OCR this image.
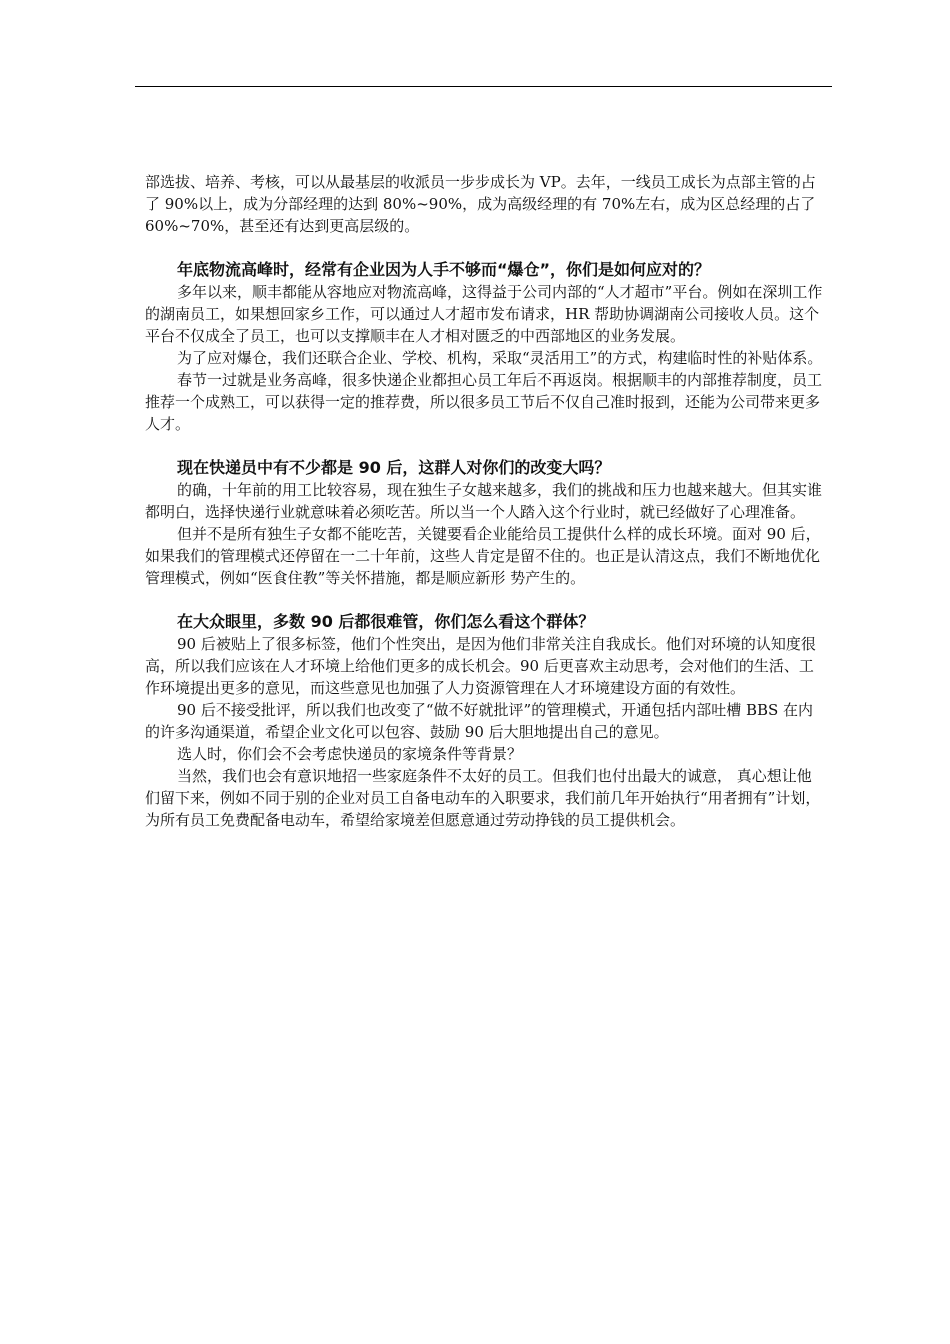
部选拔、培养、考核，可以从最基层的收派员一步步成长为 VP。去年，一线员工成长为点部主管的占了 90%以上，成为分部经理的达到 80%~90%，成为高级经理的有 70%左右，成为区总经理的占了 60%~70%，甚至还有达到更高层级的。

年底物流高峰时，经常有企业因为人手不够而“爆仓”，你们是如何应对的？

多年以来，顺丰都能从容地应对物流高峰，这得益于公司内部的“人才超市”平台。例如在深圳工作的湖南员工，如果想回家乡工作，可以通过人才超市发布请求，HR 帮助协调湖南公司接收人员。这个平台不仅成全了员工，也可以支撑顺丰在人才相对匮乏的中西部地区的业务发展。

为了应对爆仓，我们还联合企业、学校、机构，采取“灵活用工”的方式，构建临时性的补贴体系。

春节一过就是业务高峰，很多快递企业都担心员工年后不再返岗。根据顺丰的内部推荐制度，员工推荐一个成熟工，可以获得一定的推荐费，所以很多员工节后不仅自己准时报到，还能为公司带来更多人才。

现在快递员中有不少都是 90 后，这群人对你们的改变大吗？

的确，十年前的用工比较容易，现在独生子女越来越多，我们的挑战和压力也越来越大。但其实谁都明白，选择快递行业就意味着必须吃苦。所以当一个人踏入这个行业时，就已经做好了心理准备。

但并不是所有独生子女都不能吃苦，关键要看企业能给员工提供什么样的成长环境。面对 90 后，如果我们的管理模式还停留在一二十年前，这些人肯定是留不住的。也正是认清这点，我们不断地优化管理模式，例如“医食住教”等关怀措施，都是顺应新形 势产生的。

在大众眼里，多数 90 后都很难管，你们怎么看这个群体？

90 后被贴上了很多标签，他们个性突出，是因为他们非常关注自我成长。他们对环境的认知度很高，所以我们应该在人才环境上给他们更多的成长机会。90 后更喜欢主动思考，会对他们的生活、工作环境提出更多的意见，而这些意见也加强了人力资源管理在人才环境建设方面的有效性。

90 后不接受批评，所以我们也改变了“做不好就批评”的管理模式，开通包括内部吐槽 BBS 在内的许多沟通渠道，希望企业文化可以包容、鼓励 90 后大胆地提出自己的意见。

选人时，你们会不会考虑快递员的家境条件等背景？

当然，我们也会有意识地招一些家庭条件不太好的员工。但我们也付出最大的诚意， 真心想让他们留下来，例如不同于别的企业对员工自备电动车的入职要求，我们前几年开始执行“用者拥有”计划，为所有员工免费配备电动车，希望给家境差但愿意通过劳动挣钱的员工提供机会。
